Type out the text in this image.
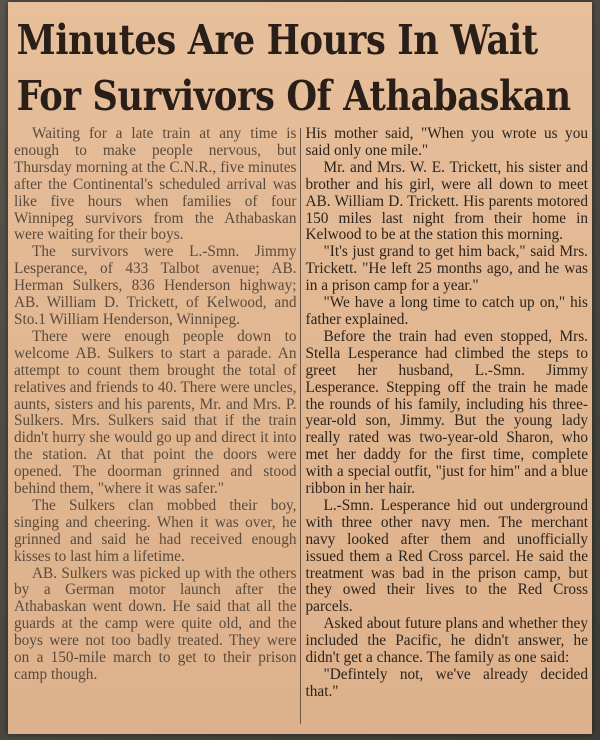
Minutes Are Hours In Wait
For Survivors Of Athabaskan

Waiting for a late train at any time is enough to make people nervous, but Thursday morning at the C.N.R., five minutes after the Continental's scheduled arrival was like five hours when families of four Winnipeg survivors from the Athabaskan were waiting for their boys.

The survivors were L.-Smn. Jimmy Lesperance, of 433 Talbot avenue; AB. Herman Sulkers, 836 Henderson highway; AB. William D. Trickett, of Kelwood, and Sto.1 William Henderson, Winnipeg.

There were enough people down to welcome AB. Sulkers to start a parade. An attempt to count them brought the total of relatives and friends to 40. There were uncles, aunts, sisters and his parents, Mr. and Mrs. P. Sulkers. Mrs. Sulkers said that if the train didn't hurry she would go up and direct it into the station. At that point the doors were opened. The doorman grinned and stood behind them, "where it was safer."

The Sulkers clan mobbed their boy, singing and cheering. When it was over, he grinned and said he had received enough kisses to last him a lifetime.

AB. Sulkers was picked up with the others by a German motor launch after the Athabaskan went down. He said that all the guards at the camp were quite old, and the boys were not too badly treated. They were on a 150-mile march to get to their prison camp though.

His mother said, "When you wrote us you said only one mile."

Mr. and Mrs. W. E. Trickett, his sister and brother and his girl, were all down to meet AB. William D. Trickett. His parents motored 150 miles last night from their home in Kelwood to be at the station this morning.

"It's just grand to get him back," said Mrs. Trickett. "He left 25 months ago, and he was in a prison camp for a year."

"We have a long time to catch up on," his father explained.

Before the train had even stopped, Mrs. Stella Lesperance had climbed the steps to greet her husband, L.-Smn. Jimmy Lesperance. Stepping off the train he made the rounds of his family, including his three-year-old son, Jimmy. But the young lady really rated was two-year-old Sharon, who met her daddy for the first time, complete with a special outfit, "just for him" and a blue ribbon in her hair.

L.-Smn. Lesperance hid out underground with three other navy men. The merchant navy looked after them and unofficially issued them a Red Cross parcel. He said the treatment was bad in the prison camp, but they owed their lives to the Red Cross parcels.

Asked about future plans and whether they included the Pacific, he didn't answer, he didn't get a chance. The family as one said:

"Defintely not, we've already decided that."
